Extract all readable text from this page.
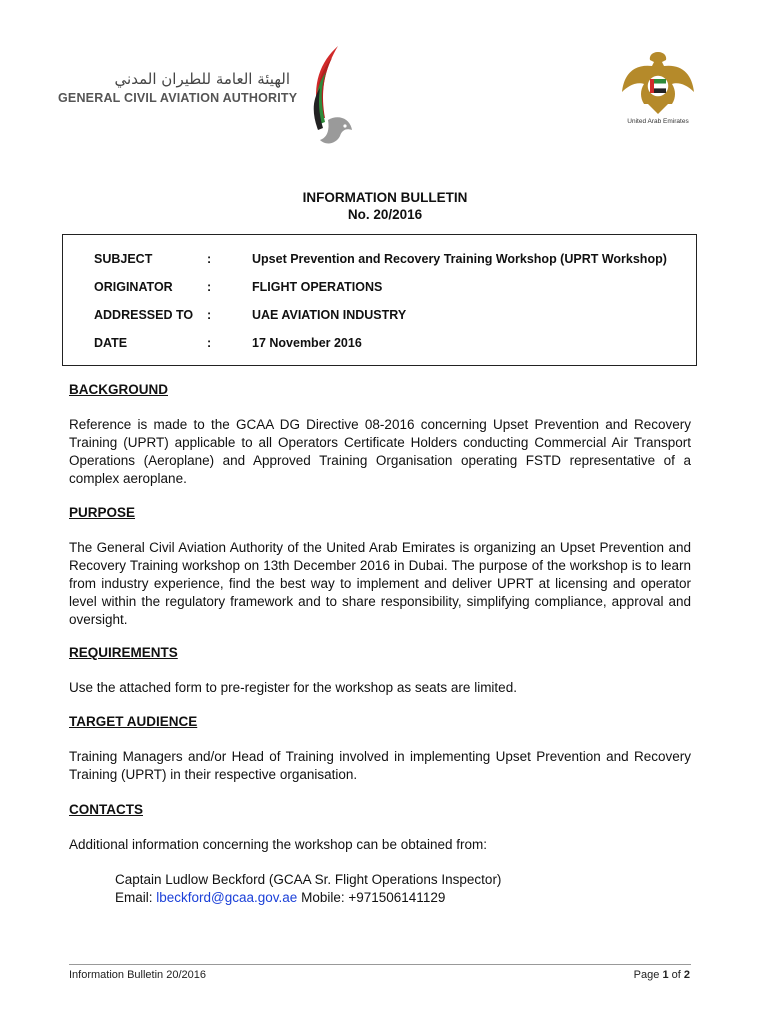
الهيئة العامة للطيران المدني
GENERAL CIVIL AVIATION AUTHORITY
United Arab Emirates
INFORMATION BULLETIN
No. 20/2016
SUBJECT	:	Upset Prevention and Recovery Training Workshop (UPRT Workshop)
ORIGINATOR	:	FLIGHT OPERATIONS
ADDRESSED TO :	UAE AVIATION INDUSTRY
DATE	:	17 November 2016
BACKGROUND

Reference is made to the GCAA DG Directive 08-2016 concerning Upset Prevention and Recovery Training (UPRT) applicable to all Operators Certificate Holders conducting Commercial Air Transport Operations (Aeroplane) and Approved Training Organisation operating FSTD representative of a complex aeroplane.

PURPOSE

The General Civil Aviation Authority of the United Arab Emirates is organizing an Upset Prevention and Recovery Training workshop on 13th December 2016 in Dubai. The purpose of the workshop is to learn from industry experience, find the best way to implement and deliver UPRT at licensing and operator level within the regulatory framework and to share responsibility, simplifying compliance, approval and oversight.

REQUIREMENTS

Use the attached form to pre-register for the workshop as seats are limited.

TARGET AUDIENCE

Training Managers and/or Head of Training involved in implementing Upset Prevention and Recovery Training (UPRT) in their respective organisation.

CONTACTS

Additional information concerning the workshop can be obtained from:

Captain Ludlow Beckford (GCAA Sr. Flight Operations Inspector)
Email: lbeckford@gcaa.gov.ae Mobile: +971506141129
Information Bulletin 20/2016	Page 1 of 2
